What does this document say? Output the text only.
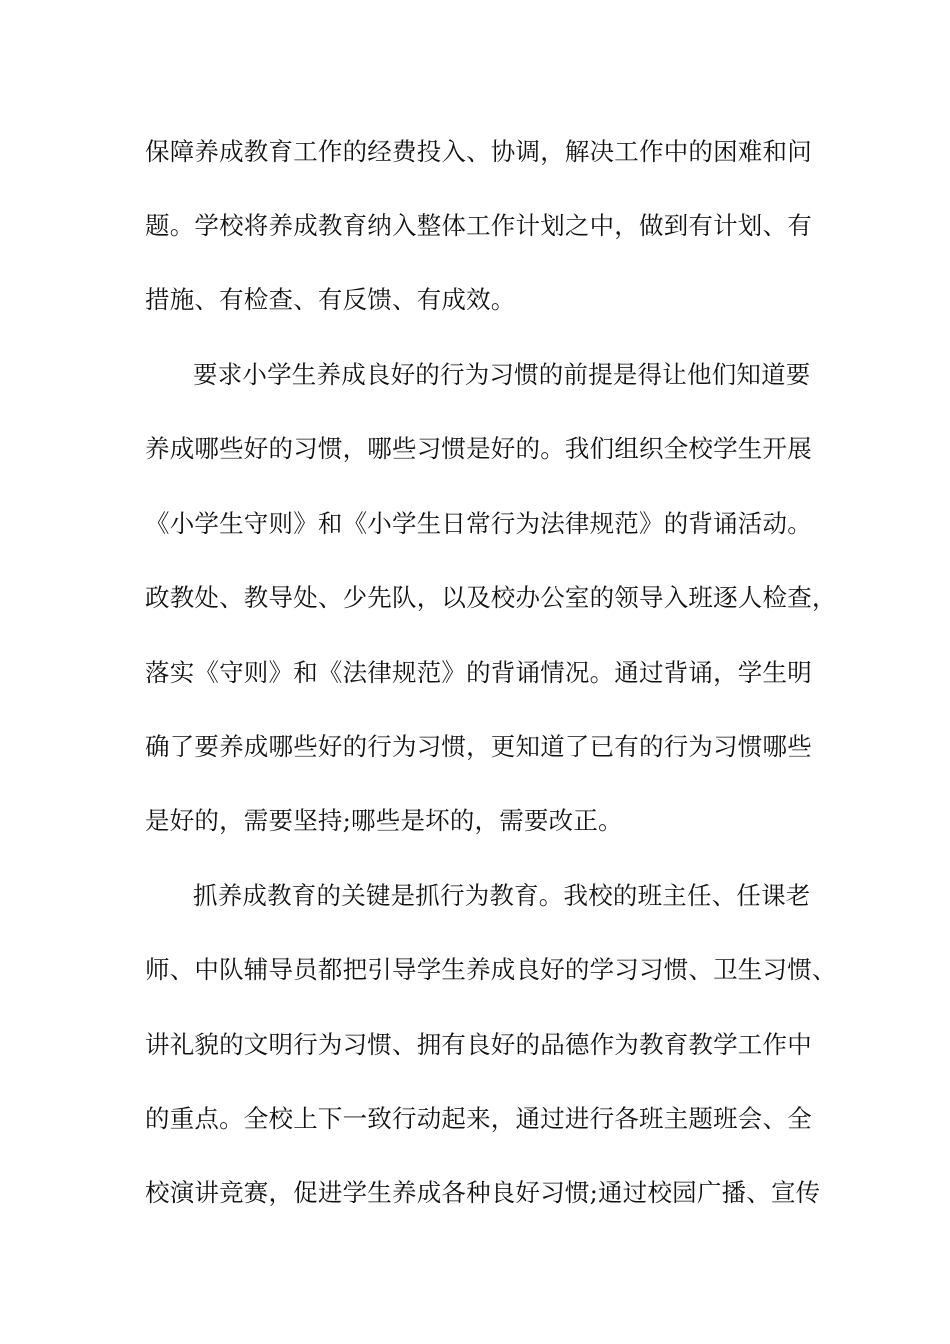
保障养成教育工作的经费投入、协调，解决工作中的困难和问

题。学校将养成教育纳入整体工作计划之中，做到有计划、有

措施、有检查、有反馈、有成效。

要求小学生养成良好的行为习惯的前提是得让他们知道要

养成哪些好的习惯，哪些习惯是好的。我们组织全校学生开展

《小学生守则》和《小学生日常行为法律规范》的背诵活动。

政教处、教导处、少先队，以及校办公室的领导入班逐人检查，

落实《守则》和《法律规范》的背诵情况。通过背诵，学生明

确了要养成哪些好的行为习惯，更知道了已有的行为习惯哪些

是好的，需要坚持;哪些是坏的，需要改正。

抓养成教育的关键是抓行为教育。我校的班主任、任课老

师、中队辅导员都把引导学生养成良好的学习习惯、卫生习惯、

讲礼貌的文明行为习惯、拥有良好的品德作为教育教学工作中

的重点。全校上下一致行动起来，通过进行各班主题班会、全

校演讲竞赛，促进学生养成各种良好习惯;通过校园广播、宣传
